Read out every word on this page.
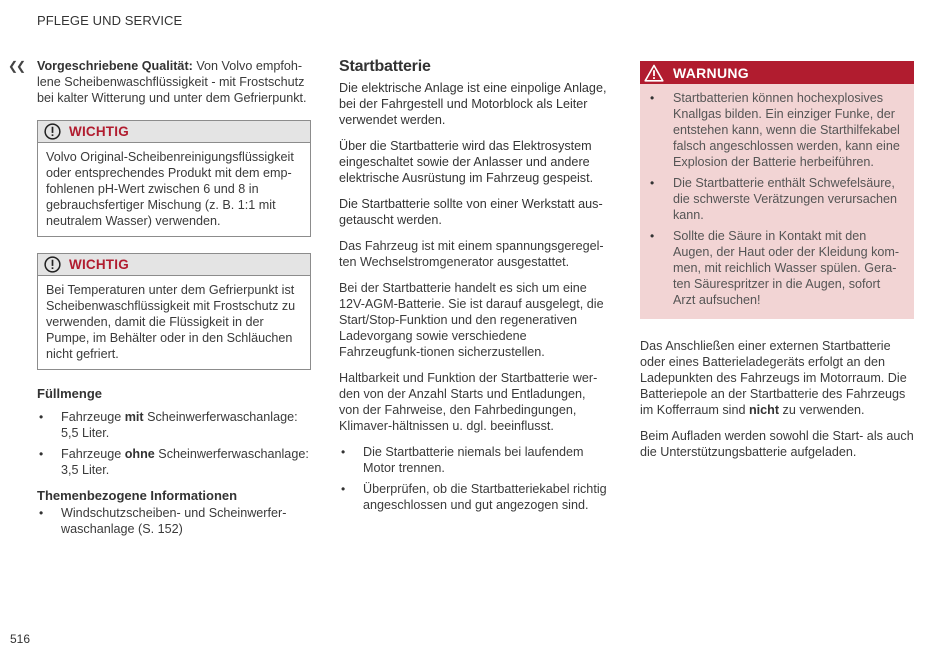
PFLEGE UND SERVICE
❮❮ Vorgeschriebene Qualität: Von Volvo empfoh-lene Scheibenwaschflüssigkeit - mit Frostschutz bei kalter Witterung und unter dem Gefrierpunkt.

WICHTIG
Volvo Original-Scheibenreinigungsflüssigkeit oder entsprechendes Produkt mit dem emp-fohlenen pH-Wert zwischen 6 und 8 in gebrauchsfertiger Mischung (z. B. 1:1 mit neutralem Wasser) verwenden.
WICHTIG
Bei Temperaturen unter dem Gefrierpunkt ist Scheibenwaschflüssigkeit mit Frostschutz zu verwenden, damit die Flüssigkeit in der Pumpe, im Behälter oder in den Schläuchen nicht gefriert.
Füllmenge
• Fahrzeuge mit Scheinwerferwaschanlage: 5,5 Liter.
• Fahrzeuge ohne Scheinwerferwaschanlage: 3,5 Liter.
Themenbezogene Informationen
• Windschutzscheiben- und Scheinwerfer-waschanlage (S. 152)
Startbatterie

Die elektrische Anlage ist eine einpolige Anlage, bei der Fahrgestell und Motorblock als Leiter verwendet werden.

Über die Startbatterie wird das Elektrosystem eingeschaltet sowie der Anlasser und andere elektrische Ausrüstung im Fahrzeug gespeist.

Die Startbatterie sollte von einer Werkstatt aus-getauscht werden.

Das Fahrzeug ist mit einem spannungsgeregel-ten Wechselstromgenerator ausgestattet.

Bei der Startbatterie handelt es sich um eine 12V-AGM-Batterie. Sie ist darauf ausgelegt, die Start/Stop-Funktion und den regenerativen Ladevorgang sowie verschiedene Fahrzeugfunk-tionen sicherzustellen.

Haltbarkeit und Funktion der Startbatterie wer-den von der Anzahl Starts und Entladungen, von der Fahrweise, den Fahrbedingungen, Klimaver-hältnissen u. dgl. beeinflusst.

• Die Startbatterie niemals bei laufendem Motor trennen.
• Überprüfen, ob die Startbatteriekabel richtig angeschlossen und gut angezogen sind.
WARNUNG
• Startbatterien können hochexplosives Knallgas bilden. Ein einziger Funke, der entstehen kann, wenn die Starthilfekabel falsch angeschlossen werden, kann eine Explosion der Batterie herbeiführen.
• Die Startbatterie enthält Schwefelsäure, die schwerste Verätzungen verursachen kann.
• Sollte die Säure in Kontakt mit den Augen, der Haut oder der Kleidung kom-men, mit reichlich Wasser spülen. Gera-ten Säurespritzer in die Augen, sofort Arzt aufsuchen!

Das Anschließen einer externen Startbatterie oder eines Batterieladegeräts erfolgt an den Ladepunkten des Fahrzeugs im Motorraum. Die Batteriepole an der Startbatterie des Fahrzeugs im Kofferraum sind nicht zu verwenden.

Beim Aufladen werden sowohl die Start- als auch die Unterstützungsbatterie aufgeladen.

516
